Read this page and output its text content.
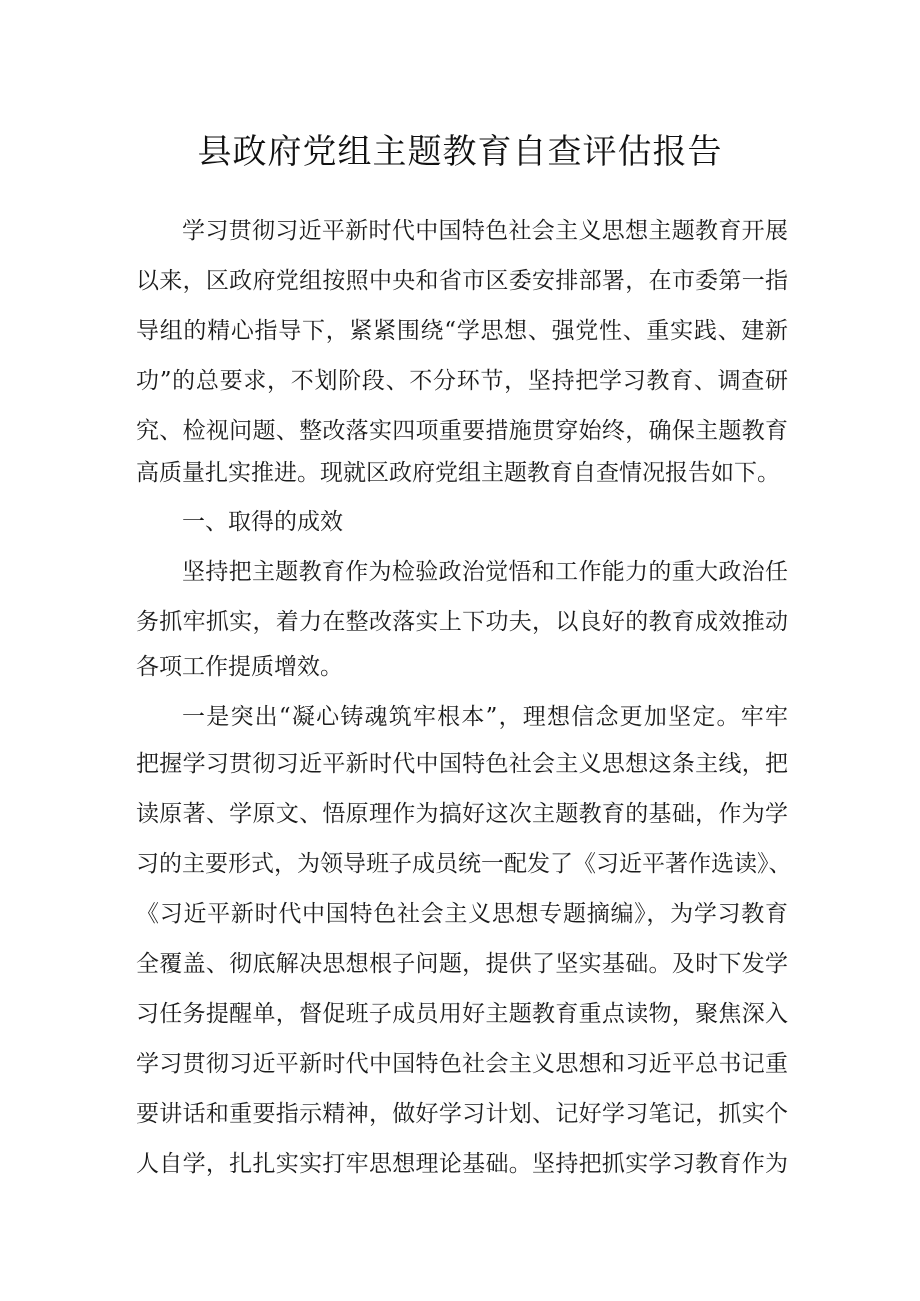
县政府党组主题教育自查评估报告

学习贯彻习近平新时代中国特色社会主义思想主题教育开展

以来，区政府党组按照中央和省市区委安排部署，在市委第一指

导组的精心指导下，紧紧围绕“学思想、强党性、重实践、建新

功”的总要求，不划阶段、不分环节，坚持把学习教育、调查研

究、检视问题、整改落实四项重要措施贯穿始终，确保主题教育

高质量扎实推进。现就区政府党组主题教育自查情况报告如下。

一、取得的成效

坚持把主题教育作为检验政治觉悟和工作能力的重大政治任

务抓牢抓实，着力在整改落实上下功夫，以良好的教育成效推动

各项工作提质增效。

一是突出“凝心铸魂筑牢根本”，理想信念更加坚定。牢牢

把握学习贯彻习近平新时代中国特色社会主义思想这条主线，把

读原著、学原文、悟原理作为搞好这次主题教育的基础，作为学

习的主要形式，为领导班子成员统一配发了《习近平著作选读》、

《习近平新时代中国特色社会主义思想专题摘编》，为学习教育

全覆盖、彻底解决思想根子问题，提供了坚实基础。及时下发学

习任务提醒单，督促班子成员用好主题教育重点读物，聚焦深入

学习贯彻习近平新时代中国特色社会主义思想和习近平总书记重

要讲话和重要指示精神，做好学习计划、记好学习笔记，抓实个

人自学，扎扎实实打牢思想理论基础。坚持把抓实学习教育作为
